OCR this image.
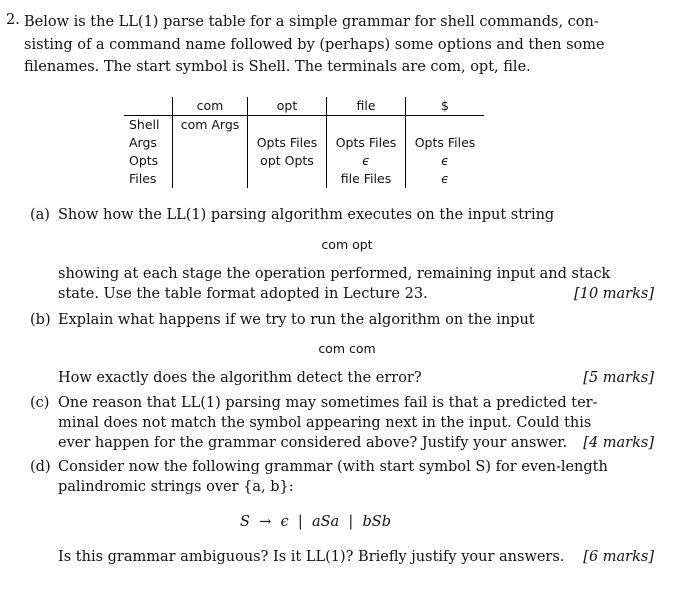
2. Below is the LL(1) parse table for a simple grammar for shell commands, con-
sisting of a command name followed by (perhaps) some options and then some
filenames. The start symbol is Shell. The terminals are com, opt, file.
	com	opt	file	$
Shell	com Args			
Args		Opts Files	Opts Files	Opts Files
Opts		opt Opts	ϵ	ϵ
Files			file Files	ϵ
(a) Show how the LL(1) parsing algorithm executes on the input string
com opt
showing at each stage the operation performed, remaining input and stack
state. Use the table format adopted in Lecture 23.	[10 marks]
(b) Explain what happens if we try to run the algorithm on the input
com com
How exactly does the algorithm detect the error?	[5 marks]
(c) One reason that LL(1) parsing may sometimes fail is that a predicted ter-
minal does not match the symbol appearing next in the input. Could this
ever happen for the grammar considered above? Justify your answer. [4 marks]
(d) Consider now the following grammar (with start symbol S) for even-length
palindromic strings over {a, b}:
S  →  ϵ  |  aSa  |  bSb
Is this grammar ambiguous? Is it LL(1)? Briefly justify your answers. [6 marks]
